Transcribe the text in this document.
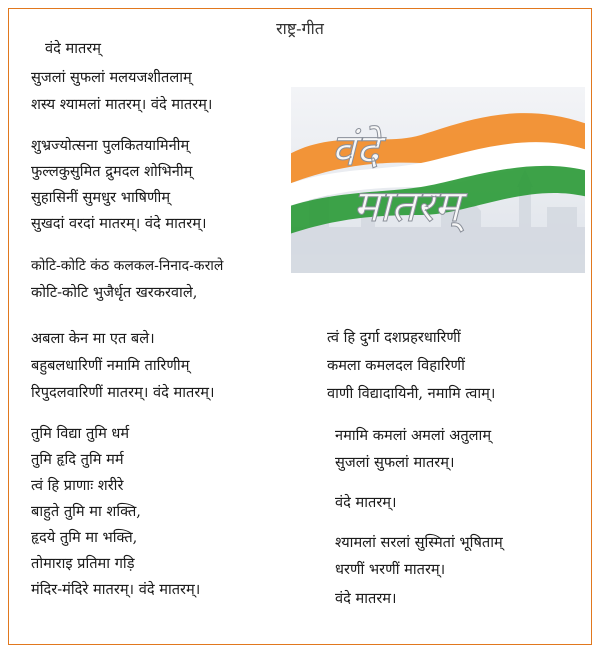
राष्ट्र-गीत
वंदे
मातरम्
वंदे मातरम्
सुजलां सुफलां मलयजशीतलाम्
शस्य श्यामलां मातरम्। वंदे मातरम्।
शुभ्रज्योत्सना पुलकितयामिनीम्
फुल्लकुसुमित द्रुमदल शोभिनीम्
सुहासिनीं सुमधुर भाषिणीम्
सुखदां वरदां मातरम्। वंदे मातरम्।
कोटि-कोटि कंठ कलकल-निनाद-कराले
कोटि-कोटि भुजैर्धृत खरकरवाले,
अबला केन मा एत बले।
बहुबलधारिणीं नमामि तारिणीम्
रिपुदलवारिणीं मातरम्। वंदे मातरम्।
तुमि विद्या तुमि धर्म
तुमि हृदि तुमि मर्म
त्वं हि प्राणाः शरीरे
बाहुते तुमि मा शक्ति,
हृदये तुमि मा भक्ति,
तोमाराइ प्रतिमा गड़ि
मंदिर-मंदिरे मातरम्। वंदे मातरम्।
त्वं हि दुर्गा दशप्रहरधारिणीं
कमला कमलदल विहारिणीं
वाणी विद्यादायिनी, नमामि त्वाम्।
नमामि कमलां अमलां अतुलाम्
सुजलां सुफलां मातरम्।
वंदे मातरम्।
श्यामलां सरलां सुस्मितां भूषिताम्
धरणीं भरणीं मातरम्।
वंदे मातरम।
